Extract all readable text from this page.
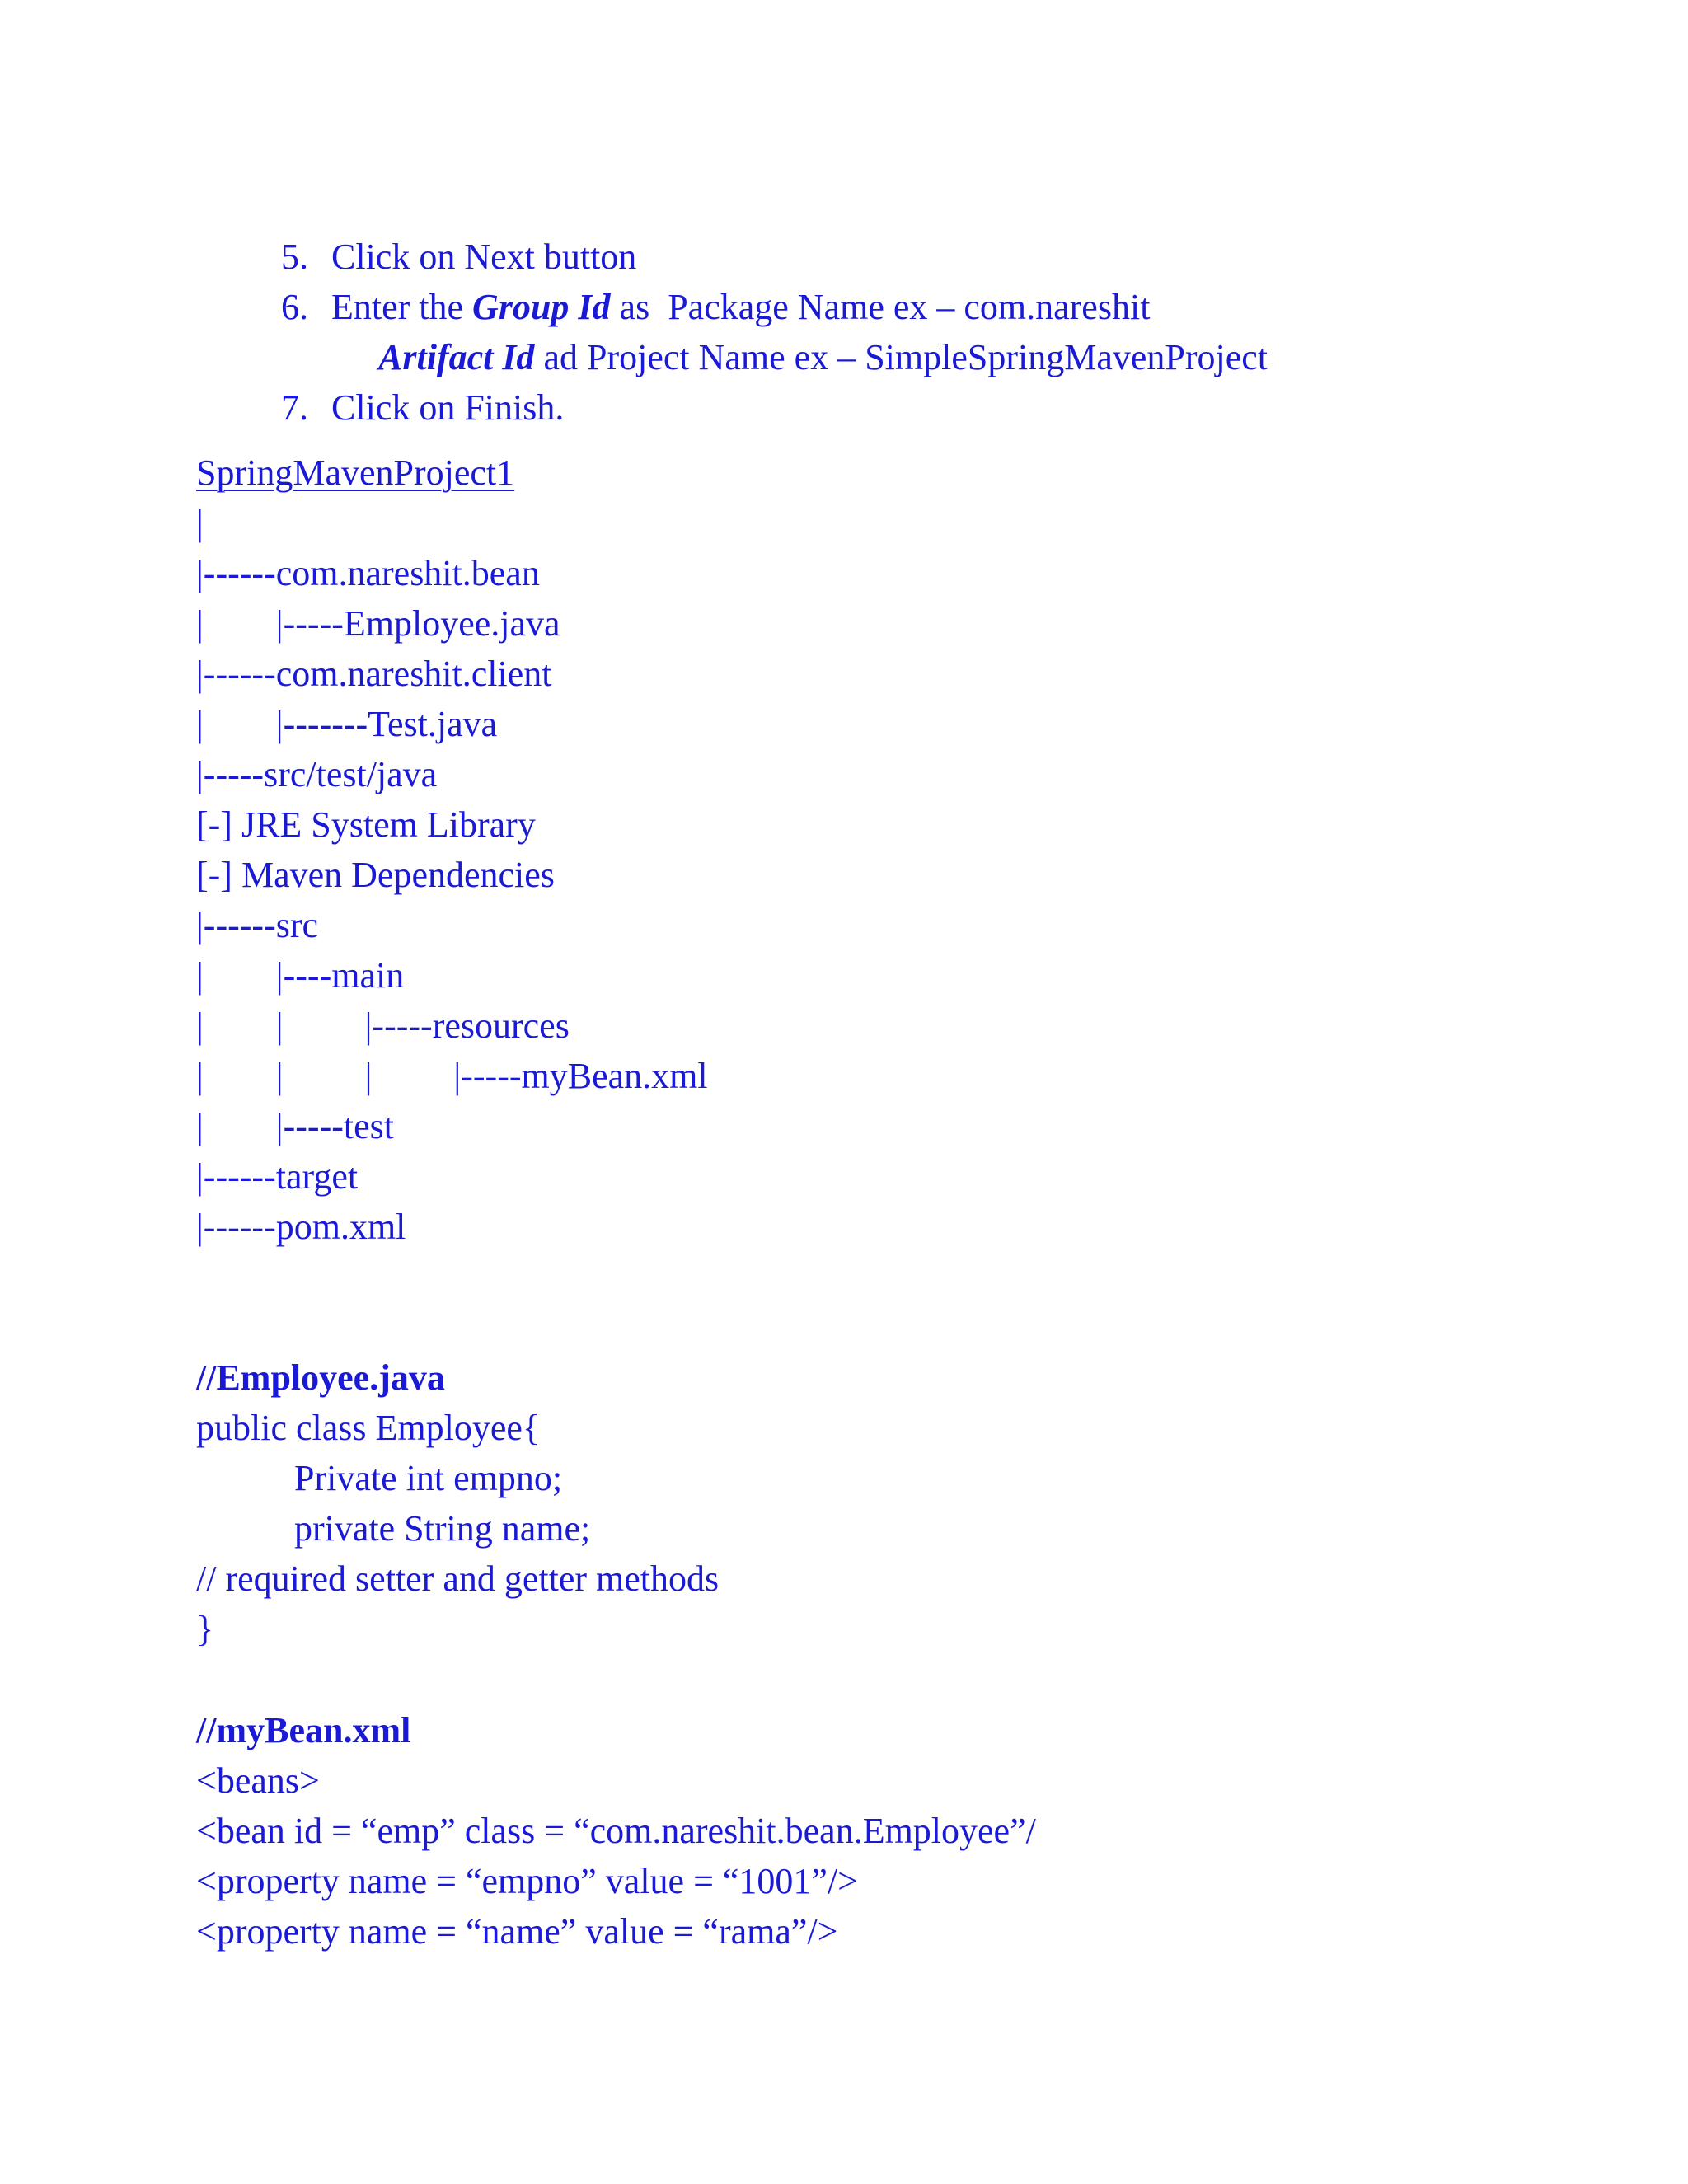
5. Click on Next button

6. Enter the Group Id as  Package Name ex – com.nareshit

Artifact Id ad Project Name ex – SimpleSpringMavenProject

7. Click on Finish.

SpringMavenProject1
|
|------com.nareshit.bean
|        |-----Employee.java
|------com.nareshit.client
|        |-------Test.java
|-----src/test/java
[-] JRE System Library
[-] Maven Dependencies
|------src
|        |----main
|        |         |-----resources
|        |         |         |-----myBean.xml
|        |-----test
|------target
|------pom.xml
//Employee.java
public class Employee{
Private int empno;
private String name;
// required setter and getter methods
}
//myBean.xml
<beans>
<bean id = “emp” class = “com.nareshit.bean.Employee”/
<property name = “empno” value = “1001”/>
<property name = “name” value = “rama”/>
